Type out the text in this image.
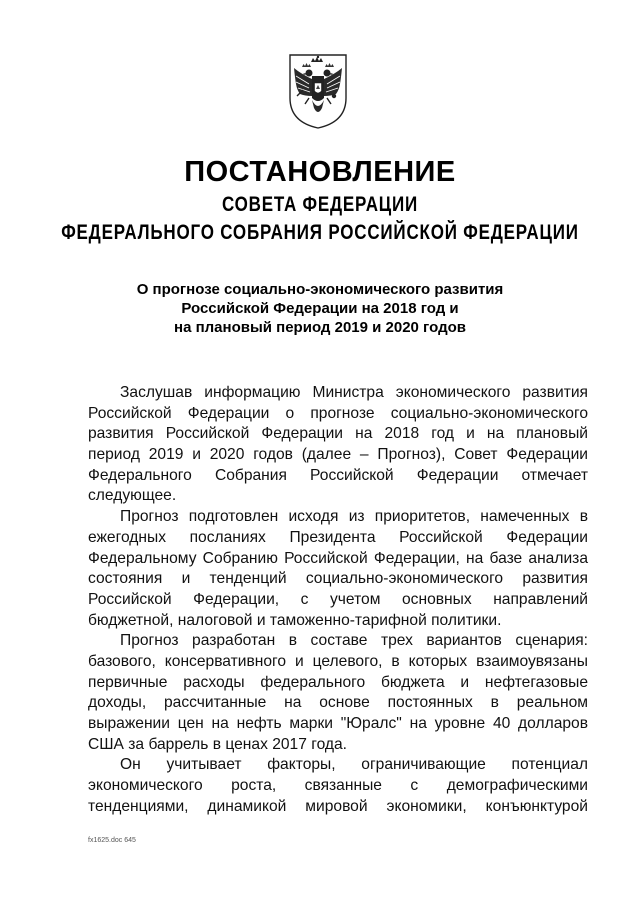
ПОСТАНОВЛЕНИЕ
СОВЕТА ФЕДЕРАЦИИ
ФЕДЕРАЛЬНОГО СОБРАНИЯ РОССИЙСКОЙ ФЕДЕРАЦИИ
О прогнозе социально-экономического развития
Российской Федерации на 2018 год и
на плановый период 2019 и 2020 годов
Заслушав информацию Министра экономического развития
Российской Федерации о прогнозе социально-экономического
развития Российской Федерации на 2018 год и на плановый
период 2019 и 2020 годов (далее – Прогноз), Совет Федерации
Федерального Собрания Российской Федерации отмечает
следующее.
Прогноз подготовлен исходя из приоритетов, намеченных в
ежегодных посланиях Президента Российской Федерации
Федеральному Собранию Российской Федерации, на базе анализа
состояния и тенденций социально-экономического развития
Российской Федерации, с учетом основных направлений
бюджетной, налоговой и таможенно-тарифной политики.
Прогноз разработан в составе трех вариантов сценария:
базового, консервативного и целевого, в которых взаимоувязаны
первичные расходы федерального бюджета и нефтегазовые
доходы, рассчитанные на основе постоянных в реальном
выражении цен на нефть марки "Юралс" на уровне 40 долларов
США за баррель в ценах 2017 года.
Он учитывает факторы, ограничивающие потенциал
экономического роста, связанные с демографическими
тенденциями, динамикой мировой экономики, конъюнктурой
fx1625.doc 645
